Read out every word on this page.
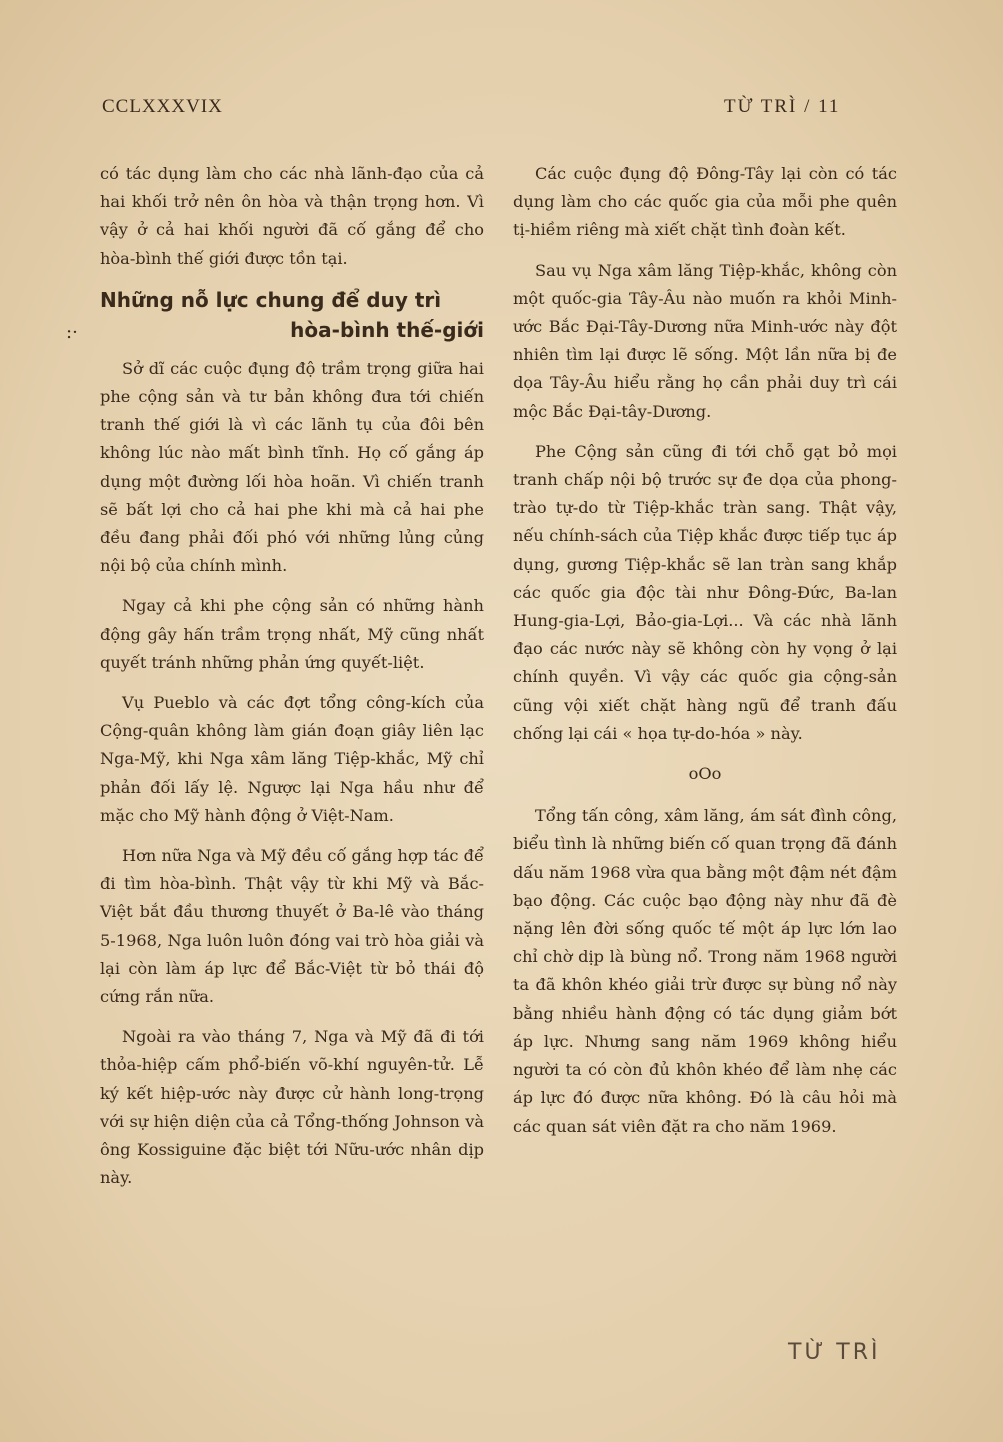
CCLXXXVIX	TỪ TRÌ / 11
:·

có tác dụng làm cho các nhà lãnh-đạo của cả hai khối trở nên ôn hòa và thận trọng hơn. Vì vậy ở cả hai khối người đã cố gắng để cho hòa-bình thế giới được tồn tại.

Những nỗ lực chung để duy trì
hòa-bình thế-giới

Sở dĩ các cuộc đụng độ trầm trọng giữa hai phe cộng sản và tư bản không đưa tới chiến tranh thế giới là vì các lãnh tụ của đôi bên không lúc nào mất bình tĩnh. Họ cố gắng áp dụng một đường lối hòa hoãn. Vì chiến tranh sẽ bất lợi cho cả hai phe khi mà cả hai phe đều đang phải đối phó với những lủng củng nội bộ của chính mình.

Ngay cả khi phe cộng sản có những hành động gây hấn trầm trọng nhất, Mỹ cũng nhất quyết tránh những phản ứng quyết-liệt.

Vụ Pueblo và các đợt tổng công-kích của Cộng-quân không làm gián đoạn giây liên lạc Nga-Mỹ, khi Nga xâm lăng Tiệp-khắc, Mỹ chỉ phản đối lấy lệ. Ngược lại Nga hầu như để mặc cho Mỹ hành động ở Việt-Nam.

Hơn nữa Nga và Mỹ đều cố gắng hợp tác để đi tìm hòa-bình. Thật vậy từ khi Mỹ và Bắc-Việt bắt đầu thương thuyết ở Ba-lê vào tháng 5-1968, Nga luôn luôn đóng vai trò hòa giải và lại còn làm áp lực để Bắc-Việt từ bỏ thái độ cứng rắn nữa.

Ngoài ra vào tháng 7, Nga và Mỹ đã đi tới thỏa-hiệp cấm phổ-biến võ-khí nguyên-tử. Lễ ký kết hiệp-ước này được cử hành long-trọng với sự hiện diện của cả Tổng-thống Johnson và ông Kossiguine đặc biệt tới Nữu-ước nhân dịp này.

Các cuộc đụng độ Đông-Tây lại còn có tác dụng làm cho các quốc gia của mỗi phe quên tị-hiềm riêng mà xiết chặt tình đoàn kết.

Sau vụ Nga xâm lăng Tiệp-khắc, không còn một quốc-gia Tây-Âu nào muốn ra khỏi Minh-ước Bắc Đại-Tây-Dương nữa Minh-ước này đột nhiên tìm lại được lẽ sống. Một lần nữa bị đe dọa Tây-Âu hiểu rằng họ cần phải duy trì cái mộc Bắc Đại-tây-Dương.

Phe Cộng sản cũng đi tới chỗ gạt bỏ mọi tranh chấp nội bộ trước sự đe dọa của phong-trào tự-do từ Tiệp-khắc tràn sang. Thật vậy, nếu chính-sách của Tiệp khắc được tiếp tục áp dụng, gương Tiệp-khắc sẽ lan tràn sang khắp các quốc gia độc tài như Đông-Đức, Ba-lan Hung-gia-Lợi, Bảo-gia-Lợi... Và các nhà lãnh đạo các nước này sẽ không còn hy vọng ở lại chính quyền. Vì vậy các quốc gia cộng-sản cũng vội xiết chặt hàng ngũ để tranh đấu chống lại cái « họa tự-do-hóa » này.

oOo

Tổng tấn công, xâm lăng, ám sát đình công, biểu tình là những biến cố quan trọng đã đánh dấu năm 1968 vừa qua bằng một đậm nét đậm bạo động. Các cuộc bạo động này như đã đè nặng lên đời sống quốc tế một áp lực lớn lao chỉ chờ dịp là bùng nổ. Trong năm 1968 người ta đã khôn khéo giải trừ được sự bùng nổ này bằng nhiều hành động có tác dụng giảm bớt áp lực. Nhưng sang năm 1969 không hiểu người ta có còn đủ khôn khéo để làm nhẹ các áp lực đó được nữa không. Đó là câu hỏi mà các quan sát viên đặt ra cho năm 1969.

TỪ TRÌ
